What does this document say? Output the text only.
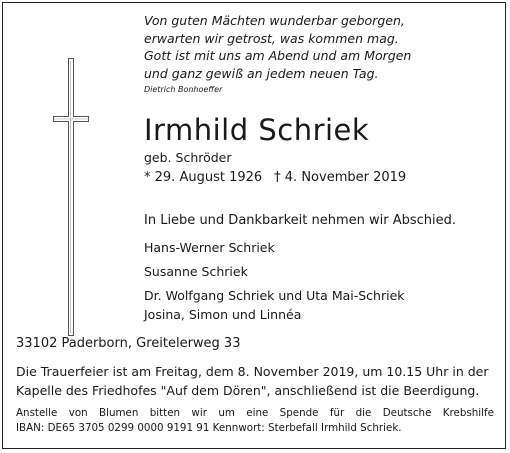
Von guten Mächten wunderbar geborgen,
erwarten wir getrost, was kommen mag.
Gott ist mit uns am Abend und am Morgen
und ganz gewiß an jedem neuen Tag.
Dietrich Bonhoeffer
Irmhild Schriek
geb. Schröder
* 29. August 1926 † 4. November 2019
In Liebe und Dankbarkeit nehmen wir Abschied.
Hans-Werner Schriek
Susanne Schriek
Dr. Wolfgang Schriek und Uta Mai-Schriek
Josina, Simon und Linnéa
33102 Paderborn, Greitelerweg 33
Die Trauerfeier ist am Freitag, dem 8. November 2019, um 10.15 Uhr in der
Kapelle des Friedhofes "Auf dem Dören", anschließend ist die Beerdigung.
Anstelle von Blumen bitten wir um eine Spende für die Deutsche Krebshilfe
IBAN: DE65 3705 0299 0000 9191 91 Kennwort: Sterbefall Irmhild Schriek.
